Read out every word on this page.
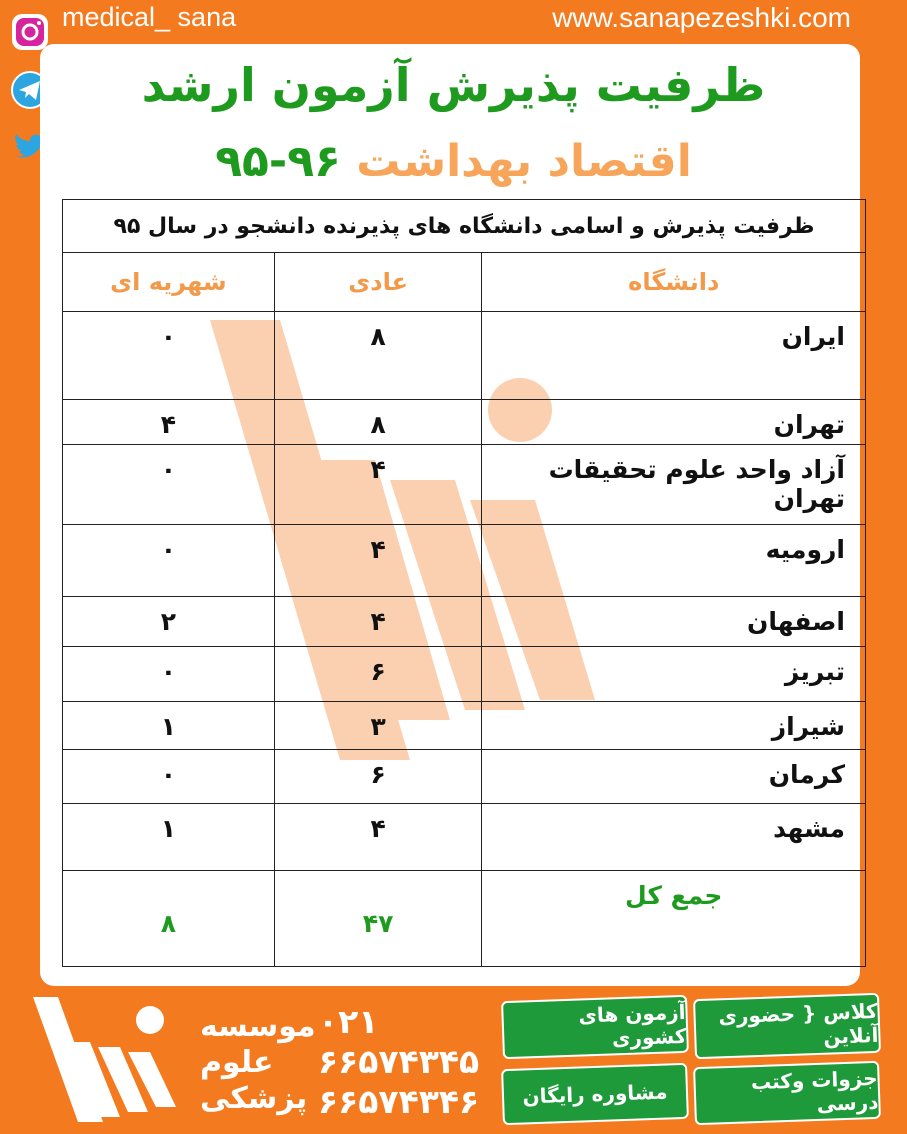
medical_ sana	www.sanapezeshki.com
ظرفیت پذیرش آزمون ارشد
اقتصاد بهداشت ۹۶-۹۵
ظرفیت پذیرش و اسامی دانشگاه های پذیرنده دانشجو در سال ۹۵		
دانشگاه	عادی	شهریه ای
ایران	۸	۰
تهران	۸	۴
آزاد واحد علوم تحقیقات تهران	۴	۰
ارومیه	۴	۰
اصفهان	۴	۲
تبریز	۶	۰
شیراز	۳	۱
کرمان	۶	۰
مشهد	۴	۱
جمع کل	۴۷	۸
موسسه
علوم
پزشکی
۰۲۱
۶۶۵۷۴۳۴۵
۶۶۵۷۴۳۴۶
آزمون های کشوری
کلاس { حضوری آنلاین
مشاوره رایگان	جزوات وکتب درسی
